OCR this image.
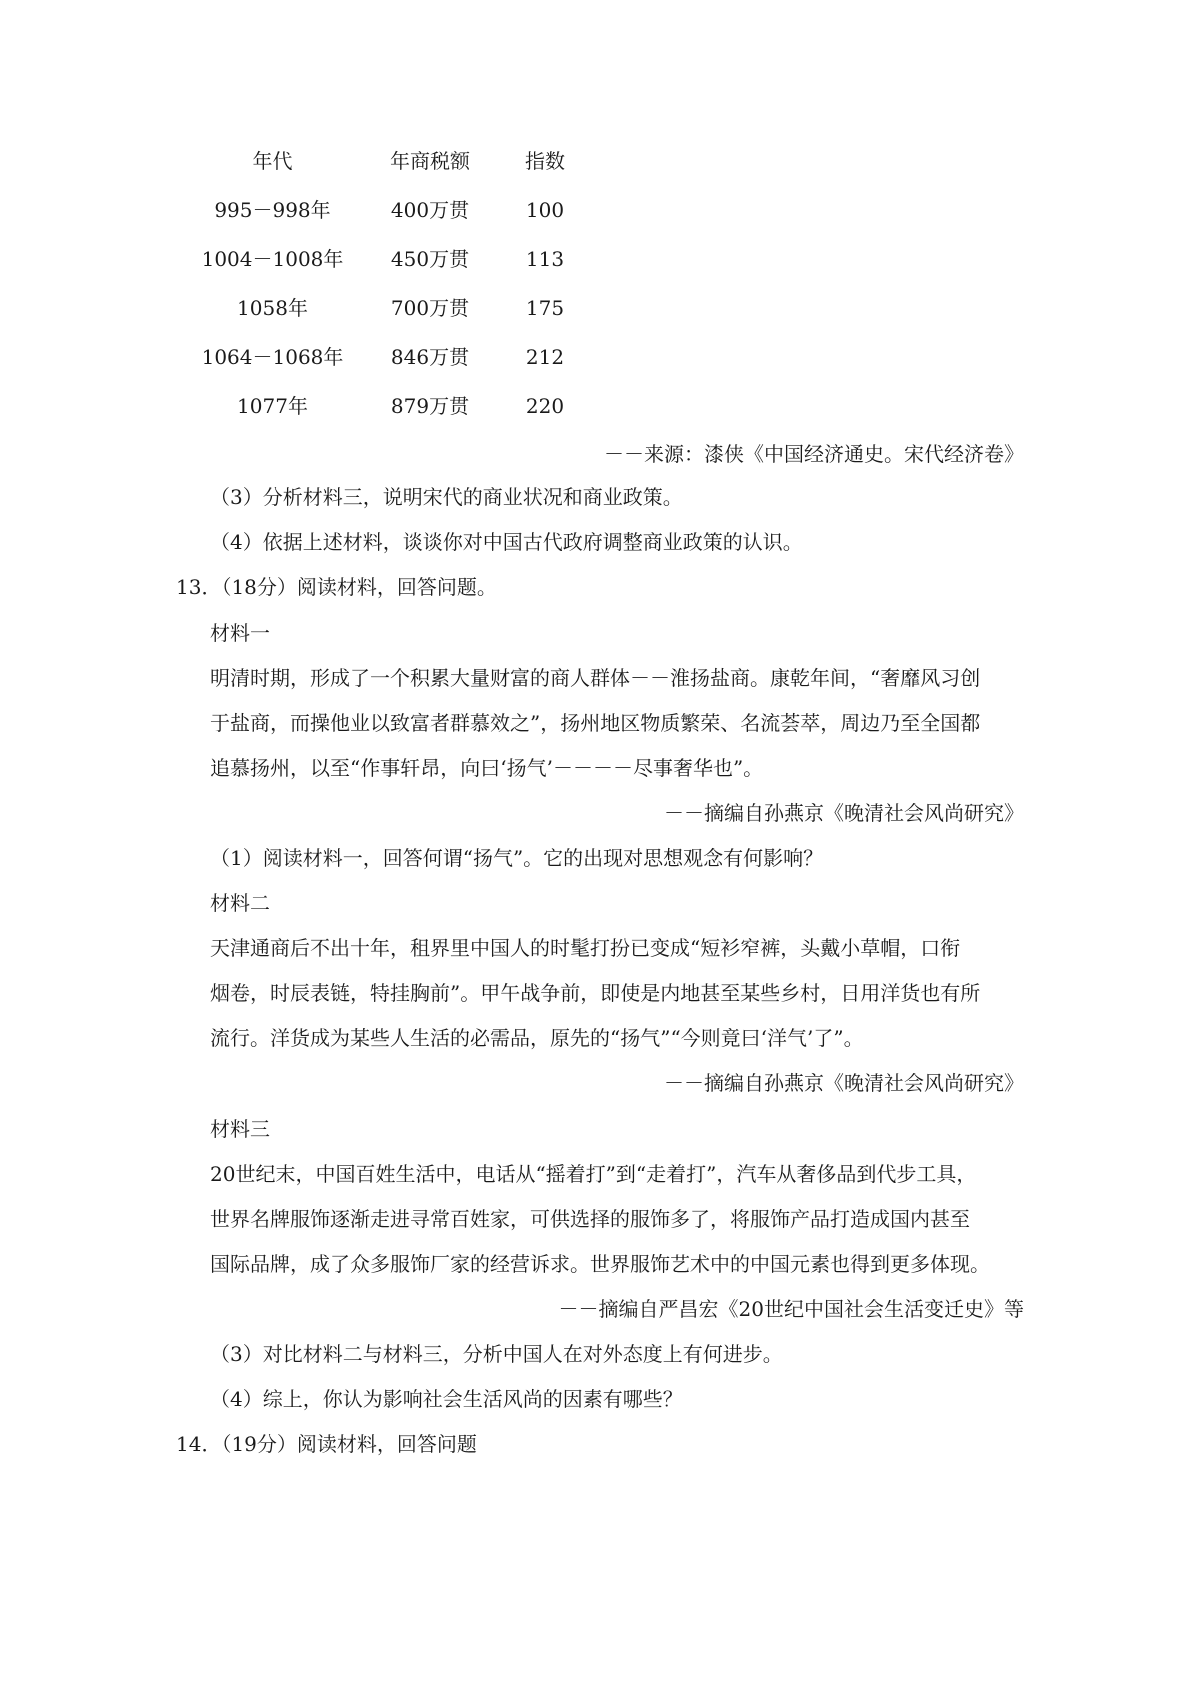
年代	年商税额	指数
995－998年	400万贯	100
1004－1008年	450万贯	113
1058年	700万贯	175
1064－1068年	846万贯	212
1077年	879万贯	220
－－来源：漆侠《中国经济通史。宋代经济卷》
（3）分析材料三，说明宋代的商业状况和商业政策。
（4）依据上述材料，谈谈你对中国古代政府调整商业政策的认识。
13．（18分）阅读材料，回答问题。
材料一
明清时期，形成了一个积累大量财富的商人群体－－淮扬盐商。康乾年间，“奢靡风习创
于盐商，而操他业以致富者群慕效之”，扬州地区物质繁荣、名流荟萃，周边乃至全国都
追慕扬州，以至“作事轩昂，向曰‘扬气’－－－－尽事奢华也”。
－－摘编自孙燕京《晚清社会风尚研究》
（1）阅读材料一，回答何谓“扬气”。它的出现对思想观念有何影响？
材料二
天津通商后不出十年，租界里中国人的时髦打扮已变成“短衫窄裤，头戴小草帽，口衔
烟卷，时辰表链，特挂胸前”。甲午战争前，即使是内地甚至某些乡村，日用洋货也有所
流行。洋货成为某些人生活的必需品，原先的“扬气”“今则竟曰‘洋气’了”。
－－摘编自孙燕京《晚清社会风尚研究》
材料三
20世纪末，中国百姓生活中，电话从“摇着打”到“走着打”，汽车从奢侈品到代步工具，
世界名牌服饰逐渐走进寻常百姓家，可供选择的服饰多了，将服饰产品打造成国内甚至
国际品牌，成了众多服饰厂家的经营诉求。世界服饰艺术中的中国元素也得到更多体现。
－－摘编自严昌宏《20世纪中国社会生活变迁史》等
（3）对比材料二与材料三，分析中国人在对外态度上有何进步。
（4）综上，你认为影响社会生活风尚的因素有哪些？
14．（19分）阅读材料，回答问题
